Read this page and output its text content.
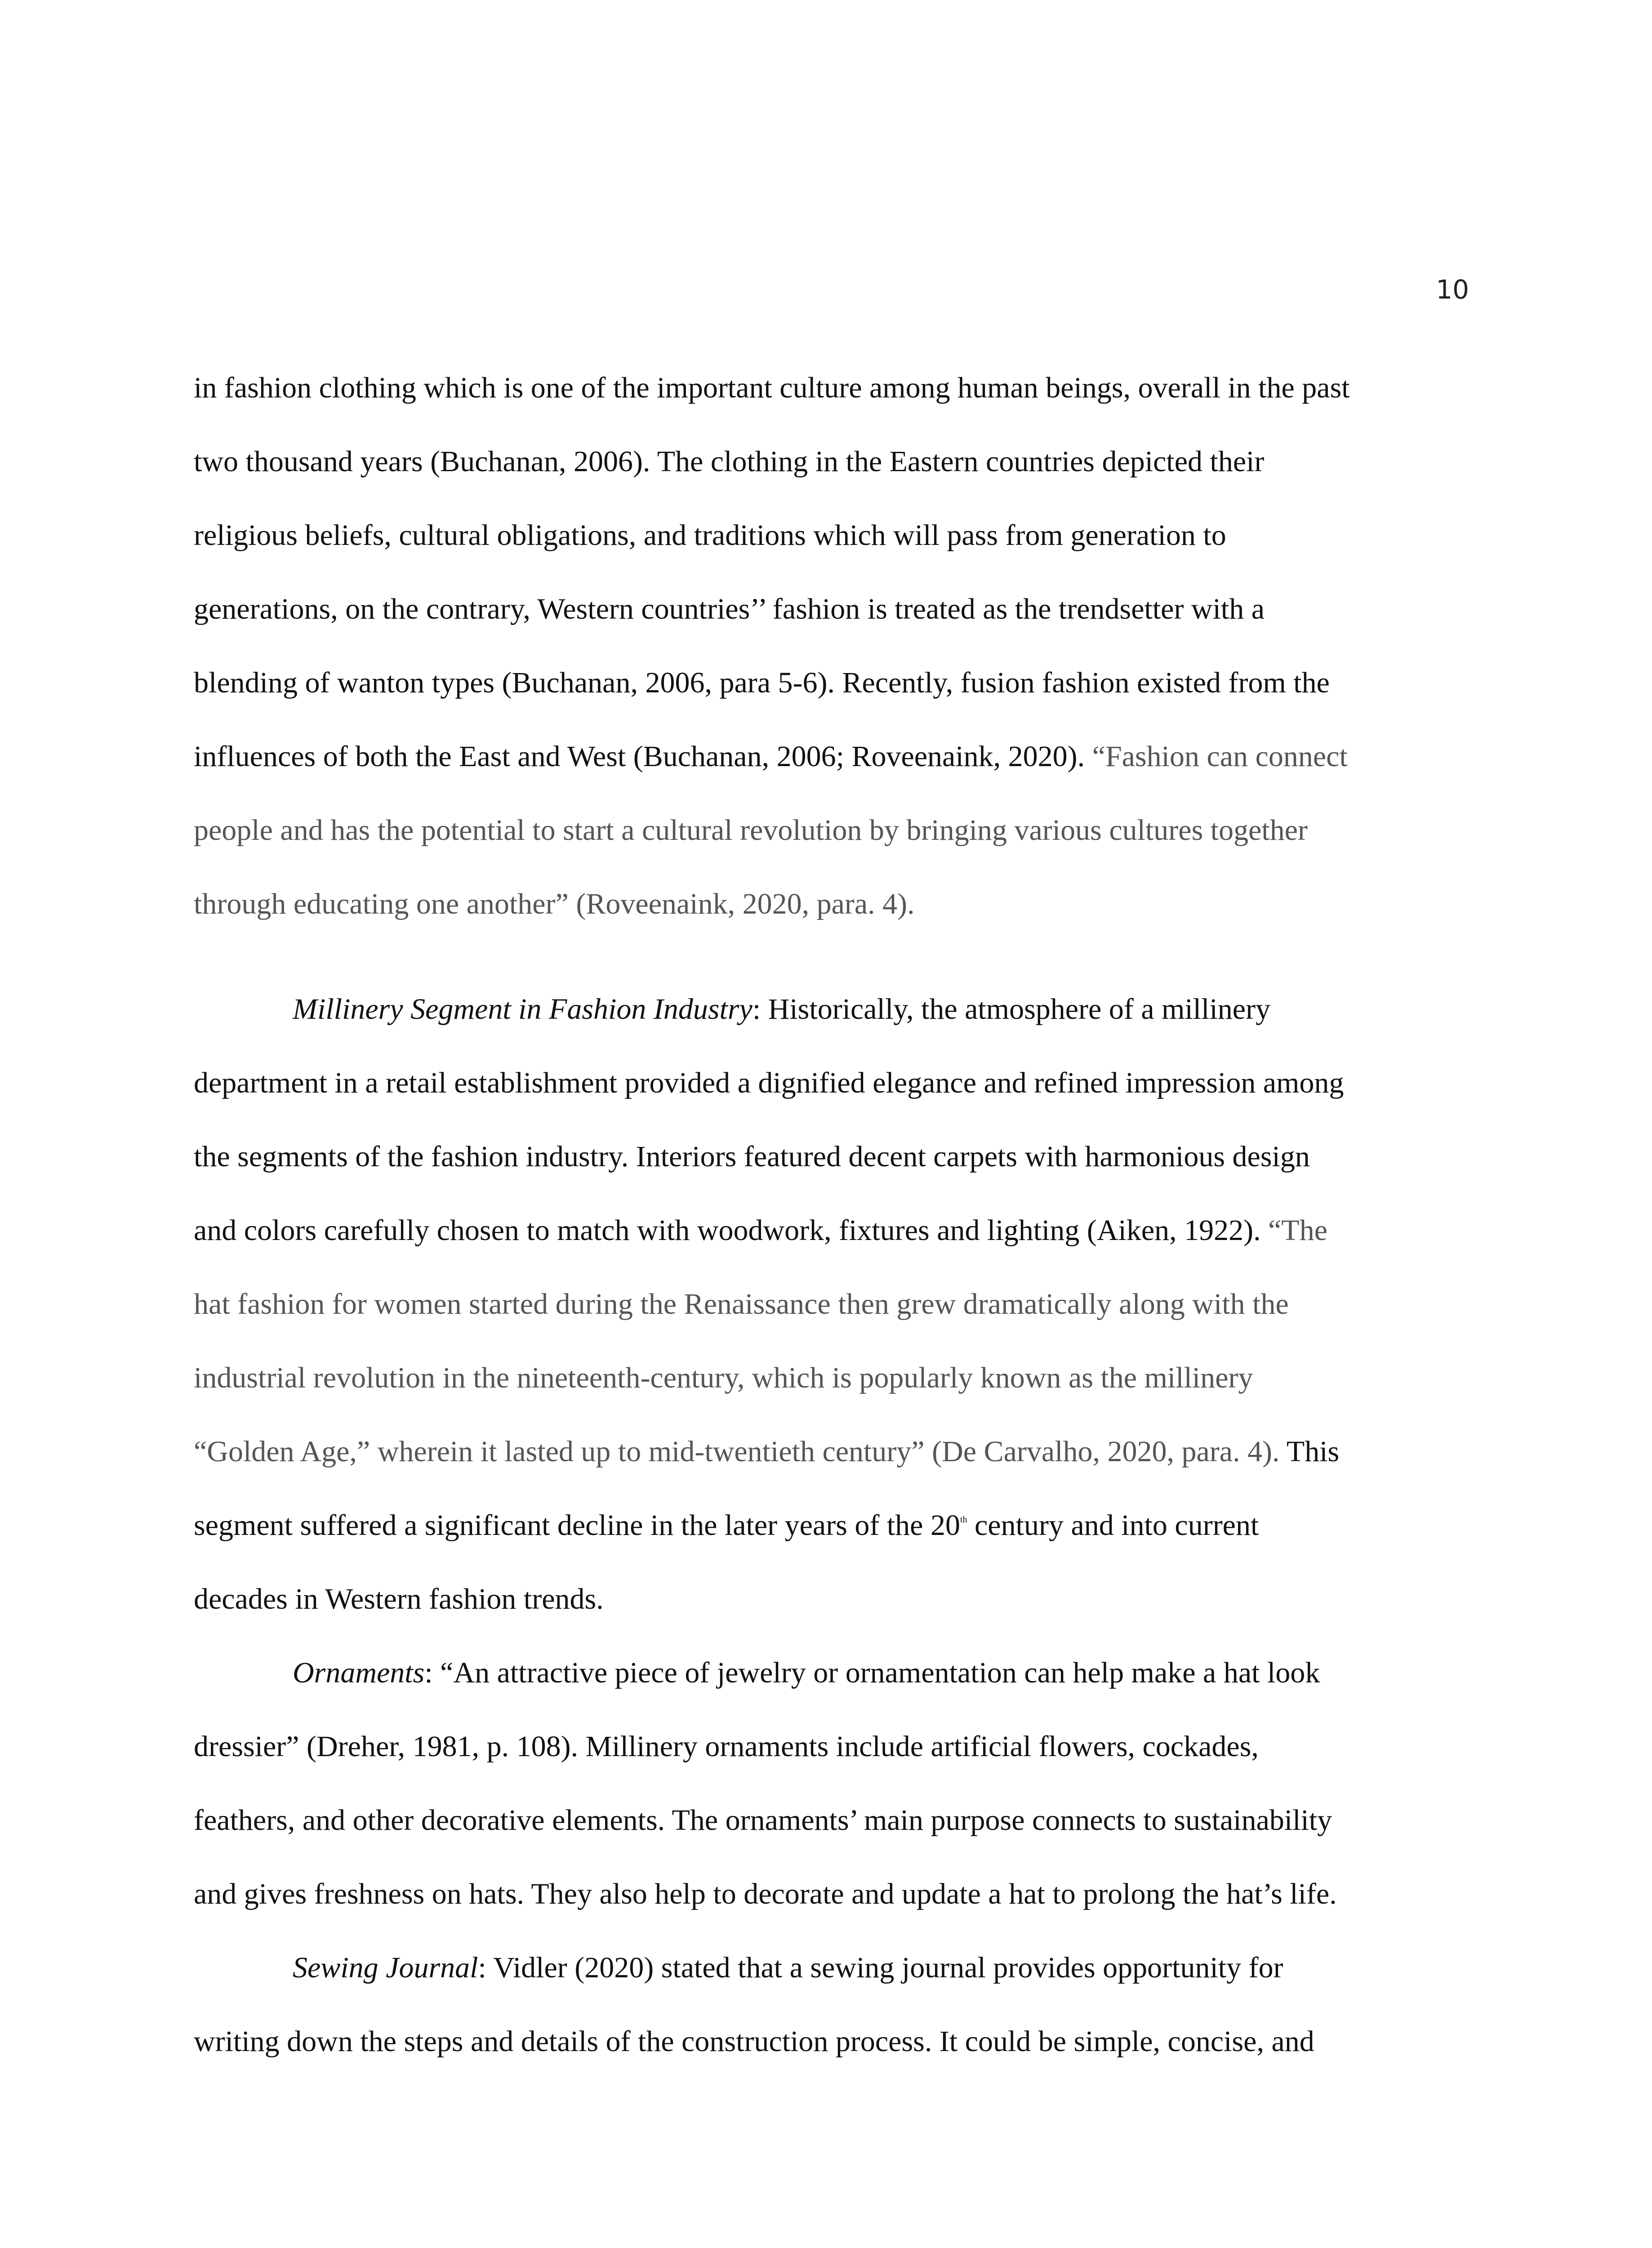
10
in fashion clothing which is one of the important culture among human beings, overall in the past
two thousand years (Buchanan, 2006). The clothing in the Eastern countries depicted their
religious beliefs, cultural obligations, and traditions which will pass from generation to
generations, on the contrary, Western countries’’ fashion is treated as the trendsetter with a
blending of wanton types (Buchanan, 2006, para 5-6). Recently, fusion fashion existed from the
influences of both the East and West (Buchanan, 2006; Roveenaink, 2020). “Fashion can connect
people and has the potential to start a cultural revolution by bringing various cultures together
through educating one another” (Roveenaink, 2020, para. 4).
Millinery Segment in Fashion Industry: Historically, the atmosphere of a millinery
department in a retail establishment provided a dignified elegance and refined impression among
the segments of the fashion industry. Interiors featured decent carpets with harmonious design
and colors carefully chosen to match with woodwork, fixtures and lighting (Aiken, 1922). “The
hat fashion for women started during the Renaissance then grew dramatically along with the
industrial revolution in the nineteenth-century, which is popularly known as the millinery
“Golden Age,” wherein it lasted up to mid-twentieth century” (De Carvalho, 2020, para. 4). This
segment suffered a significant decline in the later years of the 20th century and into current
decades in Western fashion trends.
Ornaments: “An attractive piece of jewelry or ornamentation can help make a hat look
dressier” (Dreher, 1981, p. 108). Millinery ornaments include artificial flowers, cockades,
feathers, and other decorative elements. The ornaments’ main purpose connects to sustainability
and gives freshness on hats. They also help to decorate and update a hat to prolong the hat’s life.
Sewing Journal: Vidler (2020) stated that a sewing journal provides opportunity for
writing down the steps and details of the construction process. It could be simple, concise, and
